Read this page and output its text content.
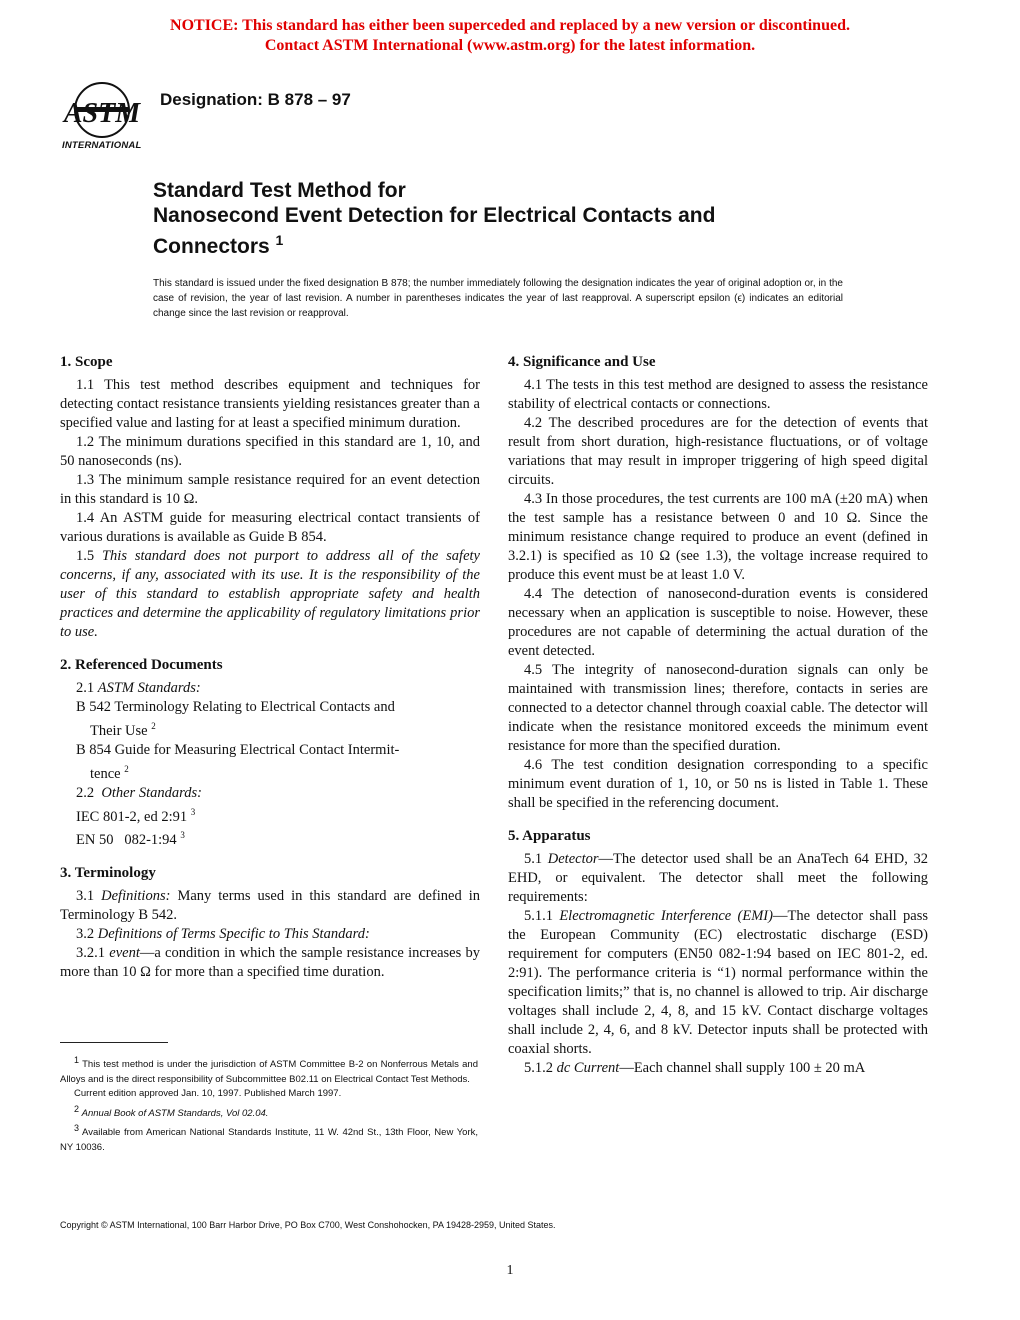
NOTICE: This standard has either been superceded and replaced by a new version or discontinued.
Contact ASTM International (www.astm.org) for the latest information.
ASTM
INTERNATIONAL
Designation: B 878 – 97
Standard Test Method for
Nanosecond Event Detection for Electrical Contacts and
Connectors $^1$
This standard is issued under the fixed designation B 878; the number immediately following the designation indicates the year of original adoption or, in the case of revision, the year of last revision. A number in parentheses indicates the year of last reapproval. A superscript epsilon (ϵ) indicates an editorial change since the last revision or reapproval.
1. Scope

1.1 This test method describes equipment and techniques for detecting contact resistance transients yielding resistances greater than a specified value and lasting for at least a specified minimum duration.

1.2 The minimum durations specified in this standard are 1, 10, and 50 nanoseconds (ns).

1.3 The minimum sample resistance required for an event detection in this standard is 10 Ω.

1.4 An ASTM guide for measuring electrical contact transients of various durations is available as Guide B 854.

1.5 This standard does not purport to address all of the safety concerns, if any, associated with its use. It is the responsibility of the user of this standard to establish appropriate safety and health practices and determine the applicability of regulatory limitations prior to use.

2. Referenced Documents

2.1 ASTM Standards:

B 542 Terminology Relating to Electrical Contacts and
Their Use $^2$
B 854 Guide for Measuring Electrical Contact Intermit-
tence $^2$

2.2 Other Standards:

IEC 801-2, ed 2:91 $^3$
EN 50   082-1:94 $^3$
3. Terminology

3.1 Definitions: Many terms used in this standard are defined in Terminology B 542.

3.2 Definitions of Terms Specific to This Standard:

3.2.1 event—a condition in which the sample resistance increases by more than 10 Ω for more than a specified time duration.

4. Significance and Use

4.1 The tests in this test method are designed to assess the resistance stability of electrical contacts or connections.

4.2 The described procedures are for the detection of events that result from short duration, high-resistance fluctuations, or of voltage variations that may result in improper triggering of high speed digital circuits.

4.3 In those procedures, the test currents are 100 mA (±20 mA) when the test sample has a resistance between 0 and 10 Ω. Since the minimum resistance change required to produce an event (defined in 3.2.1) is specified as 10 Ω (see 1.3), the voltage increase required to produce this event must be at least 1.0 V.

4.4 The detection of nanosecond-duration events is considered necessary when an application is susceptible to noise. However, these procedures are not capable of determining the actual duration of the event detected.

4.5 The integrity of nanosecond-duration signals can only be maintained with transmission lines; therefore, contacts in series are connected to a detector channel through coaxial cable. The detector will indicate when the resistance monitored exceeds the minimum event resistance for more than the specified duration.

4.6 The test condition designation corresponding to a specific minimum event duration of 1, 10, or 50 ns is listed in Table 1. These shall be specified in the referencing document.

5. Apparatus

5.1 Detector—The detector used shall be an AnaTech 64 EHD, 32 EHD, or equivalent. The detector shall meet the following requirements:

5.1.1 Electromagnetic Interference (EMI)—The detector shall pass the European Community (EC) electrostatic discharge (ESD) requirement for computers (EN50 082-1:94 based on IEC 801-2, ed. 2:91). The performance criteria is “1) normal performance within the specification limits;” that is, no channel is allowed to trip. Air discharge voltages shall include 2, 4, 8, and 15 kV. Contact discharge voltages shall include 2, 4, 6, and 8 kV. Detector inputs shall be protected with coaxial shorts.

5.1.2 dc Current—Each channel shall supply 100 ± 20 mA

$^1$ This test method is under the jurisdiction of ASTM Committee B-2 on Nonferrous Metals and Alloys and is the direct responsibility of Subcommittee B02.11 on Electrical Contact Test Methods.

Current edition approved Jan. 10, 1997. Published March 1997.

$^2$ Annual Book of ASTM Standards, Vol 02.04.

$^3$ Available from American National Standards Institute, 11 W. 42nd St., 13th Floor, New York, NY 10036.

Copyright © ASTM International, 100 Barr Harbor Drive, PO Box C700, West Conshohocken, PA 19428-2959, United States.
1
